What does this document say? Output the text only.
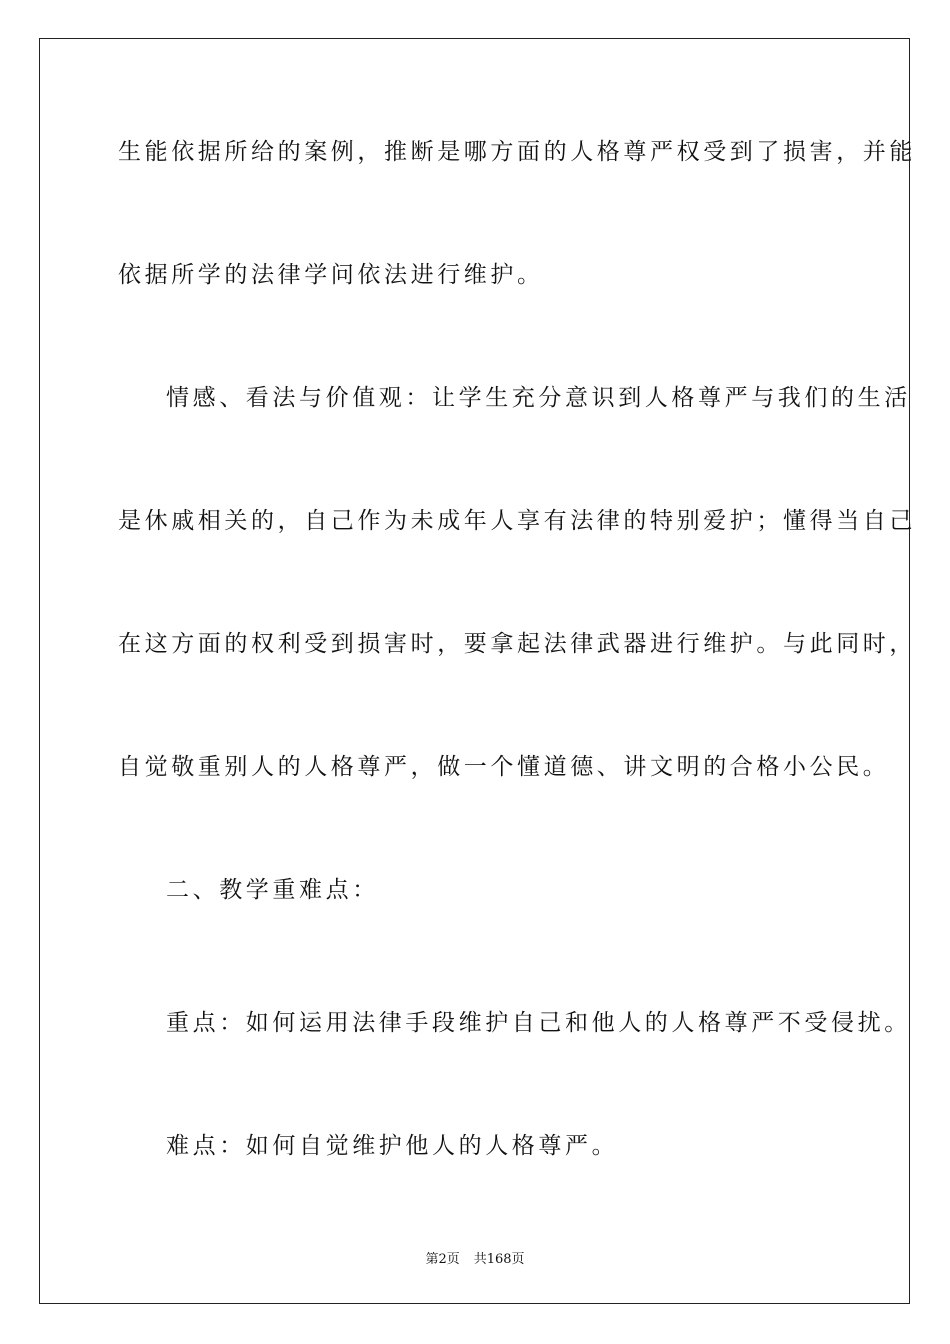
生能依据所给的案例，推断是哪方面的人格尊严权受到了损害，并能
依据所学的法律学问依法进行维护。
情感、看法与价值观：让学生充分意识到人格尊严与我们的生活
是休戚相关的，自己作为未成年人享有法律的特别爱护；懂得当自己
在这方面的权利受到损害时，要拿起法律武器进行维护。与此同时，
自觉敬重别人的人格尊严，做一个懂道德、讲文明的合格小公民。
二、教学重难点：
重点：如何运用法律手段维护自己和他人的人格尊严不受侵扰。
难点：如何自觉维护他人的人格尊严。
第2页 共168页
